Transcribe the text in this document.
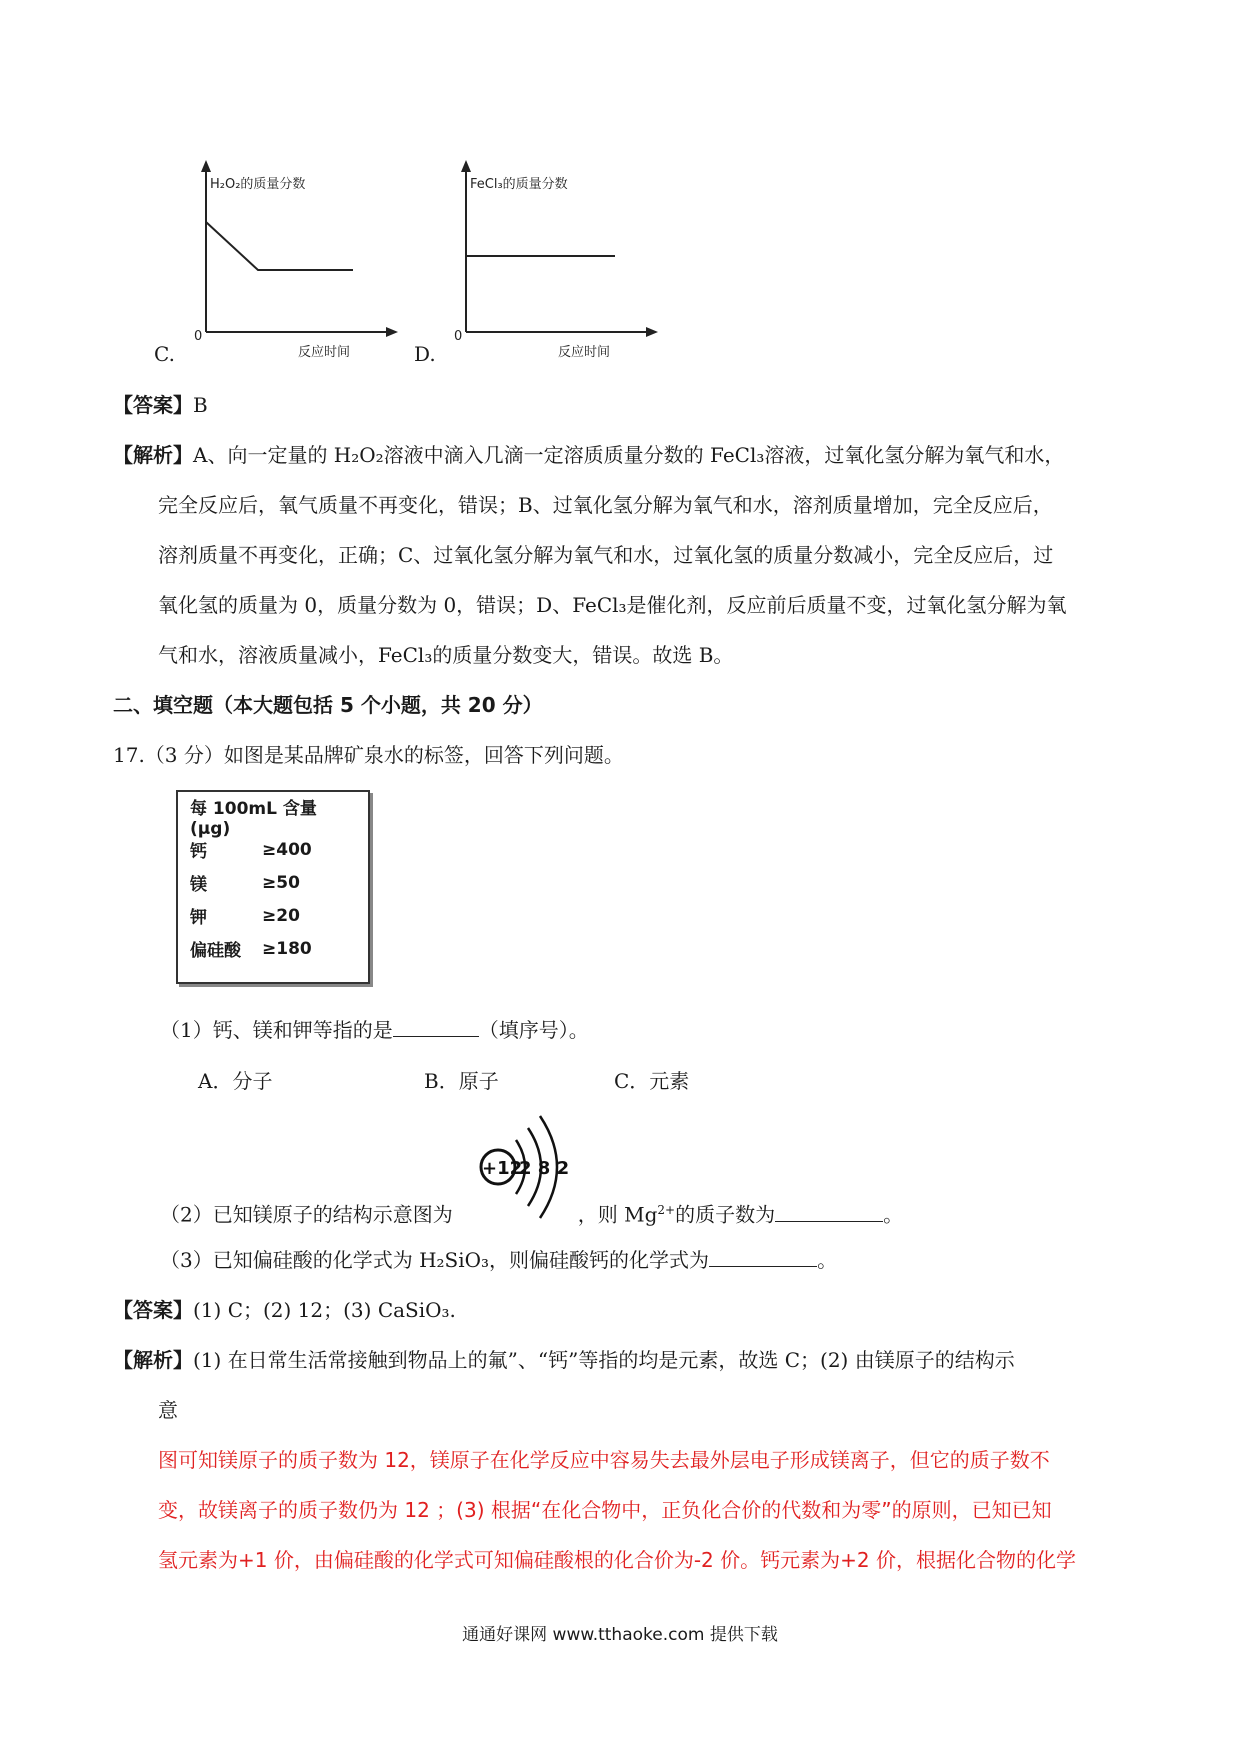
H₂O₂的质量分数
反应时间
0
C.
FeCl₃的质量分数
反应时间
0
D.
【答案】B
【解析】A、向一定量的 H₂O₂溶液中滴入几滴一定溶质质量分数的 FeCl₃溶液，过氧化氢分解为氧气和水，
完全反应后，氧气质量不再变化，错误；B、过氧化氢分解为氧气和水，溶剂质量增加，完全反应后，
溶剂质量不再变化，正确；C、过氧化氢分解为氧气和水，过氧化氢的质量分数减小，完全反应后，过
氧化氢的质量为 0，质量分数为 0，错误；D、FeCl₃是催化剂，反应前后质量不变，过氧化氢分解为氧
气和水，溶液质量减小，FeCl₃的质量分数变大，错误。故选 B。
二、填空题（本大题包括 5 个小题，共 20 分）
17.（3 分）如图是某品牌矿泉水的标签，回答下列问题。
每 100mL 含量(μg)
钙	≥400
镁	≥50
钾	≥20
偏硅酸	≥180
（1）钙、镁和钾等指的是	（填序号）。
A．分子	B．原子	C．元素
+12
2 8 2
（2）已知镁原子的结构示意图为	，则 $Mg^{2+}$的质子数为	。
（3）已知偏硅酸的化学式为 H₂SiO₃，则偏硅酸钙的化学式为	。
【答案】(1) C；(2) 12；(3) CaSiO₃.
【解析】(1) 在日常生活常接触到物品上的氟”、“钙”等指的均是元素，故选 C；(2) 由镁原子的结构示
意
图可知镁原子的质子数为 12，镁原子在化学反应中容易失去最外层电子形成镁离子，但它的质子数不
变，故镁离子的质子数仍为 12 ；(3) 根据“在化合物中，正负化合价的代数和为零”的原则，已知已知
氢元素为+1 价，由偏硅酸的化学式可知偏硅酸根的化合价为-2 价。钙元素为+2 价，根据化合物的化学
通通好课网 www.tthaoke.com 提供下载
